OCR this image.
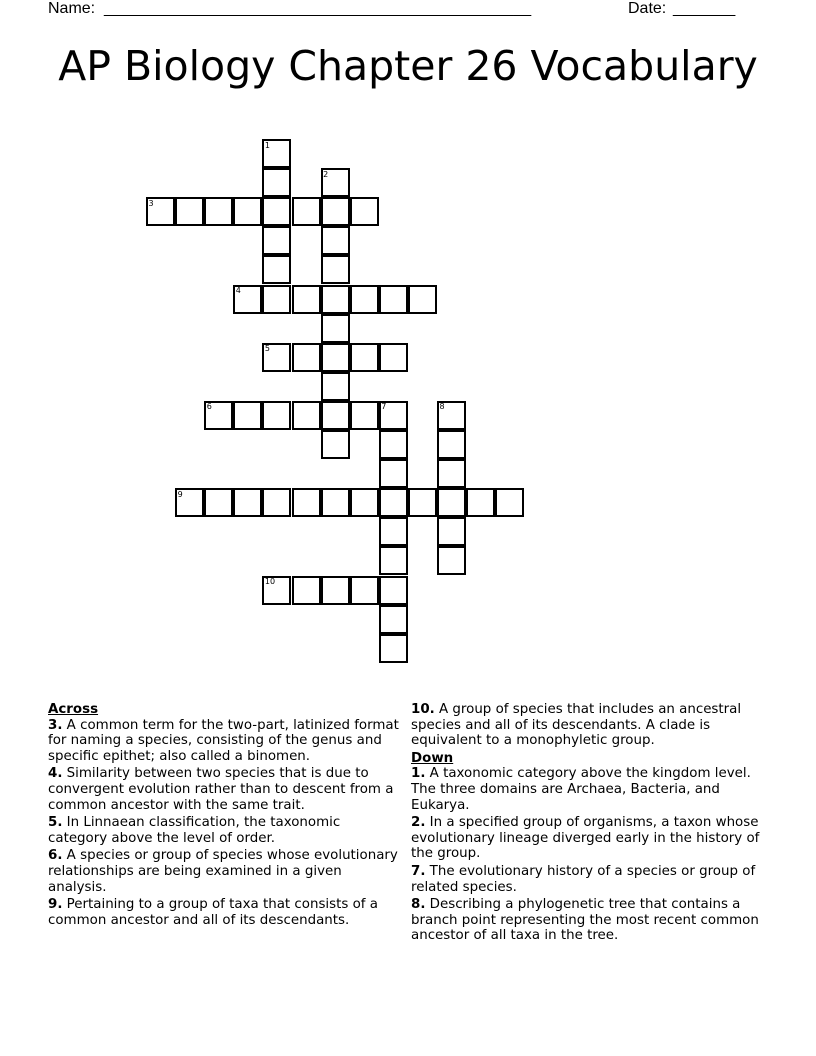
Name: ________________________________________________	Date: _______
AP Biology Chapter 26 Vocabulary
1
2
3
4
5
6	7	8
9
10
Across
3. A common term for the two-part, latinized format for naming a species, consisting of the genus and specific epithet; also called a binomen.
4. Similarity between two species that is due to convergent evolution rather than to descent from a common ancestor with the same trait.
5. In Linnaean classification, the taxonomic category above the level of order.
6. A species or group of species whose evolutionary relationships are being examined in a given analysis.
9. Pertaining to a group of taxa that consists of a common ancestor and all of its descendants.
10. A group of species that includes an ancestral species and all of its descendants. A clade is equivalent to a monophyletic group.
Down
1. A taxonomic category above the kingdom level. The three domains are Archaea, Bacteria, and Eukarya.
2. In a specified group of organisms, a taxon whose evolutionary lineage diverged early in the history of the group.
7. The evolutionary history of a species or group of related species.
8. Describing a phylogenetic tree that contains a branch point representing the most recent common ancestor of all taxa in the tree.
